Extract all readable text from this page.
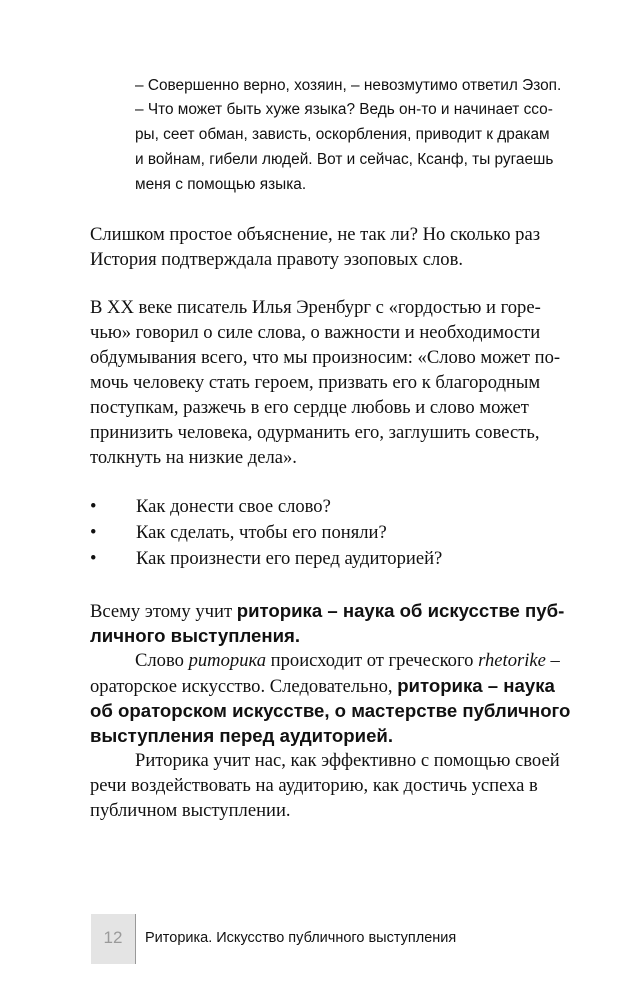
– Совершенно верно, хозяин, – невозмутимо ответил Эзоп.
– Что может быть хуже языка? Ведь он-то и начинает ссо-
ры, сеет обман, зависть, оскорбления, приводит к дракам
и войнам, гибели людей. Вот и сейчас, Ксанф, ты ругаешь
меня с помощью языка.
Слишком простое объяснение, не так ли? Но сколько раз
История подтверждала правоту эзоповых слов.
В XX веке писатель Илья Эренбург с «гордостью и горе-
чью» говорил о силе слова, о важности и необходимости
обдумывания всего, что мы произносим: «Слово может по-
мочь человеку стать героем, призвать его к благородным
поступкам, разжечь в его сердце любовь и слово может
принизить человека, одурманить его, заглушить совесть,
толкнуть на низкие дела».
• Как донести свое слово?
• Как сделать, чтобы его поняли?
• Как произнести его перед аудиторией?
Всему этому учит риторика – наука об искусстве пуб-
личного выступления.
Слово риторика происходит от греческого rhetorike –
ораторское искусство. Следовательно, риторика – наука
об ораторском искусстве, о мастерстве публичного
выступления перед аудиторией.
Риторика учит нас, как эффективно с помощью своей
речи воздействовать на аудиторию, как достичь успеха в
публичном выступлении.
12	Риторика. Искусство публичного выступления
